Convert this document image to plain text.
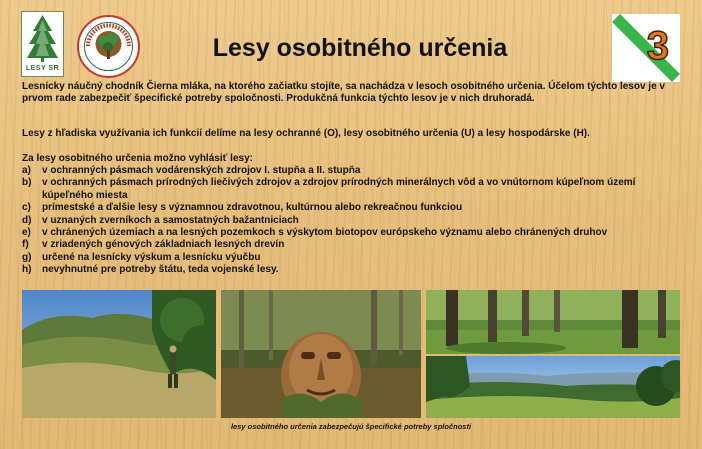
LESY SR
Lesy osobitného určenia	3
Lesnícky náučný chodník Čierna mláka, na ktorého začiatku stojíte, sa nachádza v lesoch osobitného určenia. Účelom týchto lesov je v prvom rade zabezpečiť špecifické potreby spoločnosti. Produkčná funkcia týchto lesov je v nich druhoradá.
Lesy z hľadiska využívania ich funkcií delíme na lesy ochranné (O), lesy osobitného určenia (U) a lesy hospodárske (H).
Za lesy osobitného určenia možno vyhlásiť lesy:
a)	v ochranných pásmach vodárenských zdrojov I. stupňa a II. stupňa
b)	v ochranných pásmach prírodných liečivých zdrojov a zdrojov prírodných minerálnych vôd a vo vnútornom kúpeľnom území kúpeľného miesta
c)	prímestské a ďalšie lesy s významnou zdravotnou, kultúrnou alebo rekreačnou funkciou
d)	v uznaných zverníkoch a samostatných bažantniciach
e)	v chránených územiach a na lesných pozemkoch s výskytom biotopov európskeho významu alebo chránených druhov
f)	v zriadených génových základniach lesných drevín
g)	určené na lesnícky výskum a lesnícku výučbu
h)	nevyhnutné pre potreby štátu, teda vojenské lesy.
lesy osobitného určenia zabezpečujú špecifické potreby spločnosti
